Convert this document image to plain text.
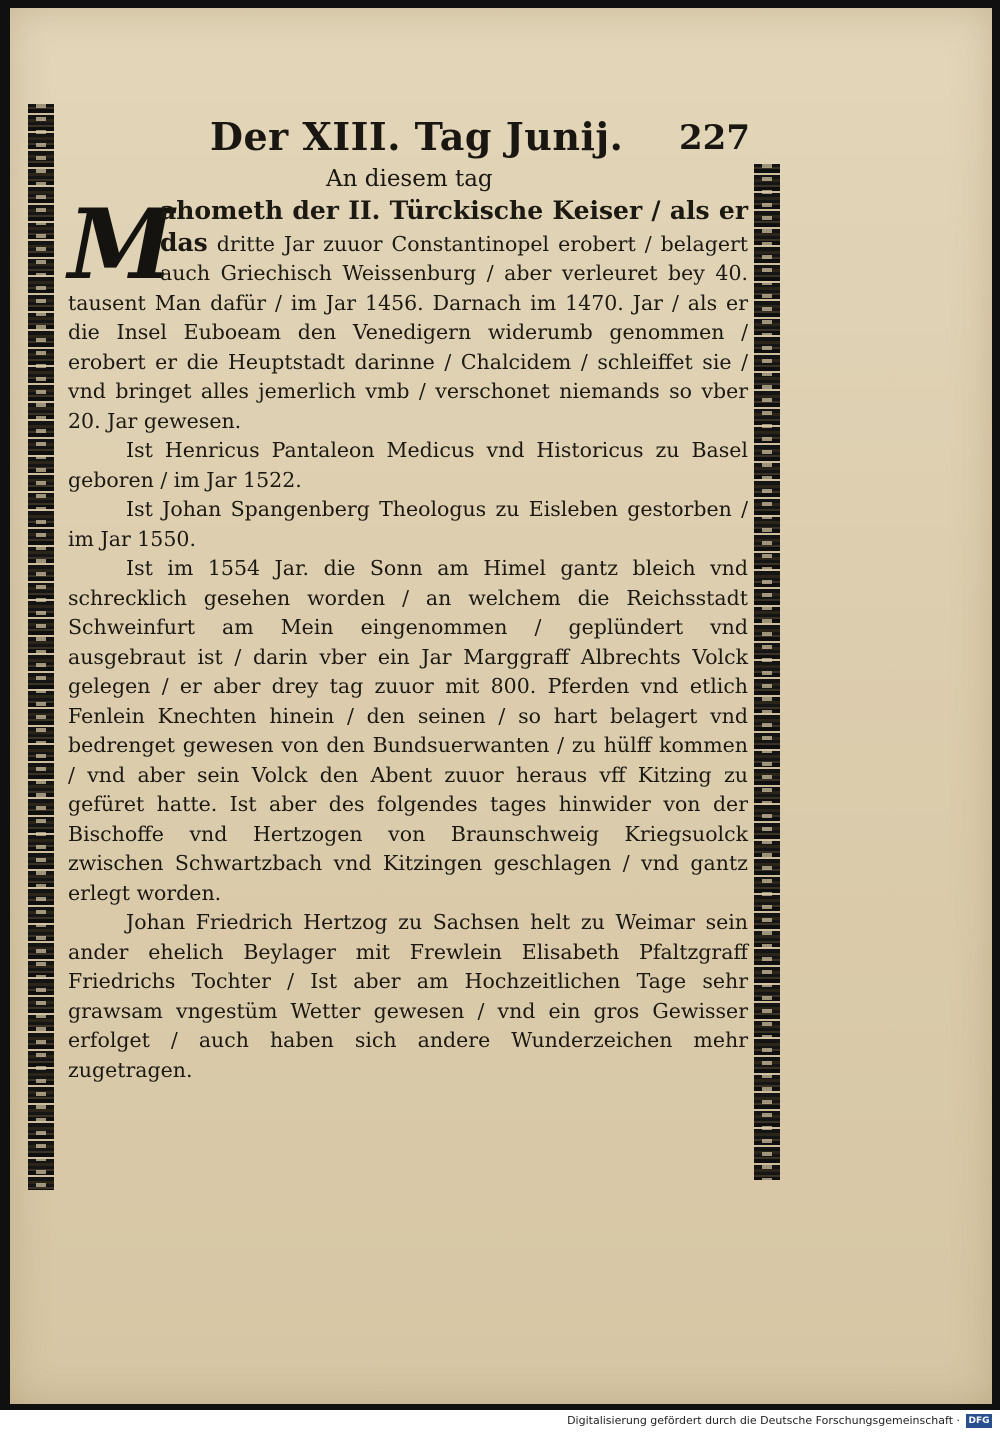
Der XIII. Tag Junij. 227
An diesem tag

M
ahometh der II. Türckische Keiser / als er das dritte Jar zuuor Constantinopel erobert / belagert auch Griechisch Weissenburg / aber verleuret bey 40. tausent Man dafür / im Jar 1456. Darnach im 1470. Jar / als er die Insel Euboeam den Venedigern widerumb genommen / erobert er die Heuptstadt darinne / Chalcidem / schleiffet sie / vnd bringet alles jemerlich vmb / verschonet niemands so vber 20. Jar gewesen.

Ist Henricus Pantaleon Medicus vnd Historicus zu Basel geboren / im Jar 1522.

Ist Johan Spangenberg Theologus zu Eisleben gestorben / im Jar 1550.

Ist im 1554 Jar. die Sonn am Himel gantz bleich vnd schrecklich gesehen worden / an welchem die Reichsstadt Schweinfurt am Mein eingenommen / geplündert vnd ausgebraut ist / darin vber ein Jar Marggraff Albrechts Volck gelegen / er aber drey tag zuuor mit 800. Pferden vnd etlich Fenlein Knechten hinein / den seinen / so hart belagert vnd bedrenget gewesen von den Bundsuerwanten / zu hülff kommen / vnd aber sein Volck den Abent zuuor heraus vff Kitzing zu gefüret hatte. Ist aber des folgendes tages hinwider von der Bischoffe vnd Hertzogen von Braunschweig Kriegsuolck zwischen Schwartzbach vnd Kitzingen geschlagen / vnd gantz erlegt worden.

Johan Friedrich Hertzog zu Sachsen helt zu Weimar sein ander ehelich Beylager mit Frewlein Elisabeth Pfaltzgraff Friedrichs Tochter / Ist aber am Hochzeitlichen Tage sehr grawsam vngestüm Wetter gewesen / vnd ein gros Gewisser erfolget / auch haben sich andere Wunderzeichen mehr zugetragen.

Digitalisierung gefördert durch die Deutsche Forschungsgemeinschaft · DFG
